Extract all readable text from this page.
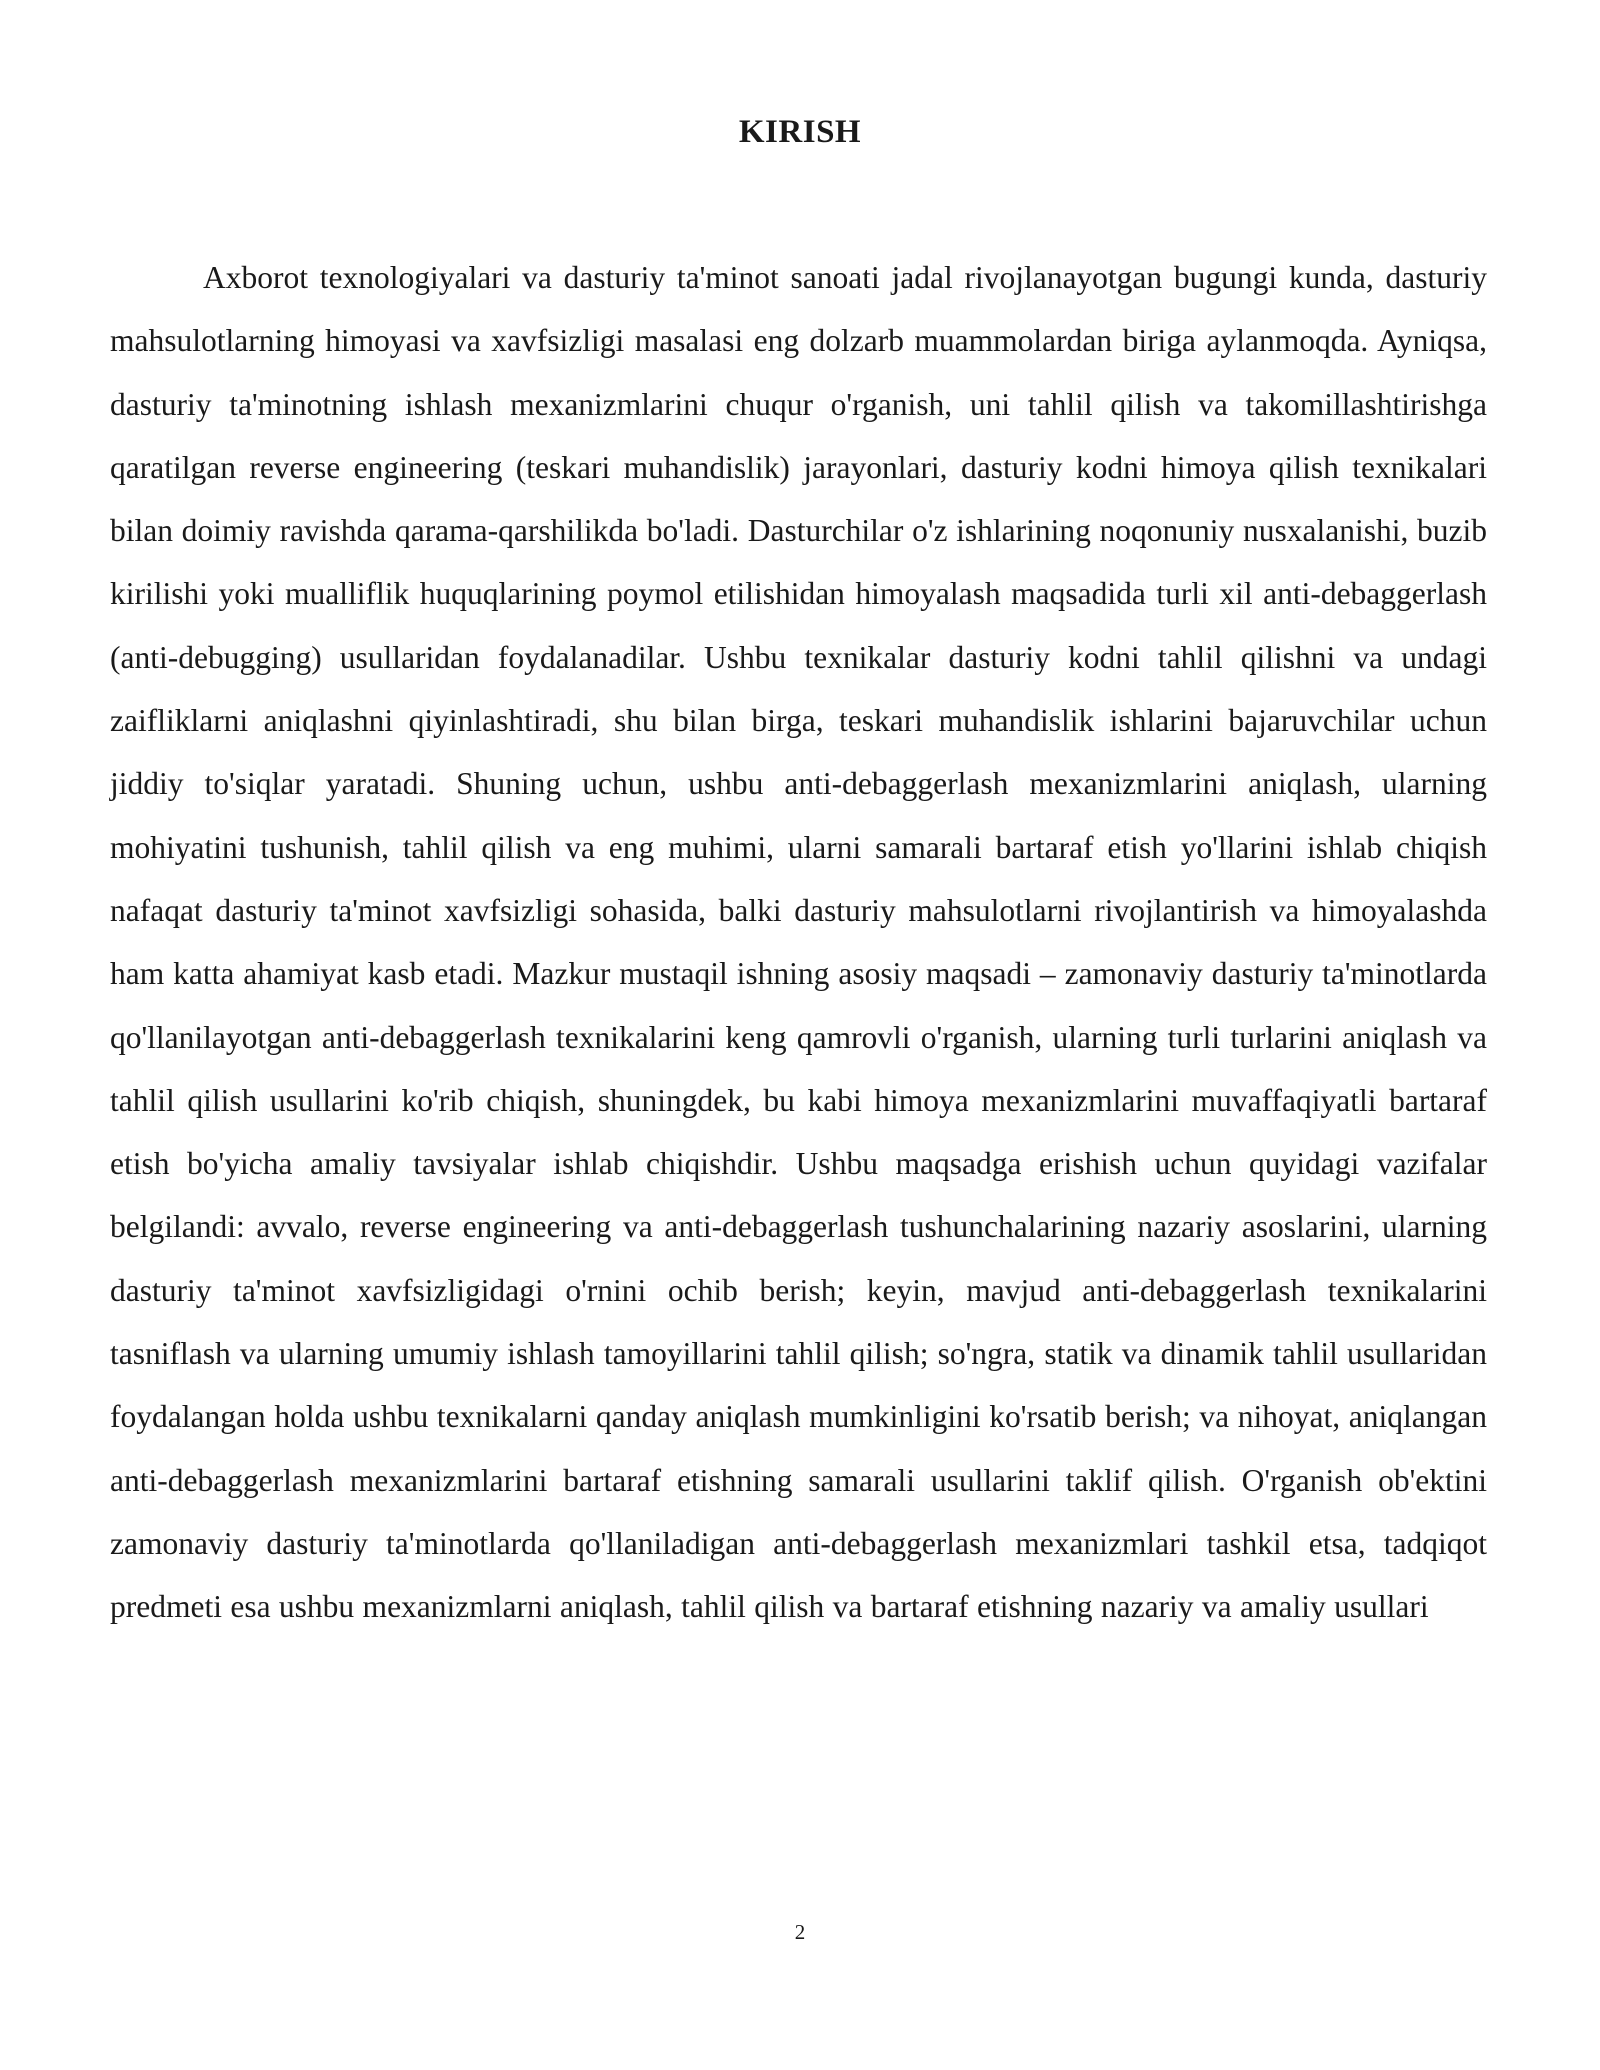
KIRISH

Axborot texnologiyalari va dasturiy ta'minot sanoati jadal rivojlanayotgan bugungi kunda, dasturiy mahsulotlarning himoyasi va xavfsizligi masalasi eng dolzarb muammolardan biriga aylanmoqda. Ayniqsa, dasturiy ta'minotning ishlash mexanizmlarini chuqur o'rganish, uni tahlil qilish va takomillashtirishga qaratilgan reverse engineering (teskari muhandislik) jarayonlari, dasturiy kodni himoya qilish texnikalari bilan doimiy ravishda qarama-qarshilikda bo'ladi. Dasturchilar o'z ishlarining noqonuniy nusxalanishi, buzib kirilishi yoki mualliflik huquqlarining poymol etilishidan himoyalash maqsadida turli xil anti-debaggerlash (anti-debugging) usullaridan foydalanadilar. Ushbu texnikalar dasturiy kodni tahlil qilishni va undagi zaifliklarni aniqlashni qiyinlashtiradi, shu bilan birga, teskari muhandislik ishlarini bajaruvchilar uchun jiddiy to'siqlar yaratadi. Shuning uchun, ushbu anti-debaggerlash mexanizmlarini aniqlash, ularning mohiyatini tushunish, tahlil qilish va eng muhimi, ularni samarali bartaraf etish yo'llarini ishlab chiqish nafaqat dasturiy ta'minot xavfsizligi sohasida, balki dasturiy mahsulotlarni rivojlantirish va himoyalashda ham katta ahamiyat kasb etadi. Mazkur mustaqil ishning asosiy maqsadi – zamonaviy dasturiy ta'minotlarda qo'llanilayotgan anti-debaggerlash texnikalarini keng qamrovli o'rganish, ularning turli turlarini aniqlash va tahlil qilish usullarini ko'rib chiqish, shuningdek, bu kabi himoya mexanizmlarini muvaffaqiyatli bartaraf etish bo'yicha amaliy tavsiyalar ishlab chiqishdir. Ushbu maqsadga erishish uchun quyidagi vazifalar belgilandi: avvalo, reverse engineering va anti-debaggerlash tushunchalarining nazariy asoslarini, ularning dasturiy ta'minot xavfsizligidagi o'rnini ochib berish; keyin, mavjud anti-debaggerlash texnikalarini tasniflash va ularning umumiy ishlash tamoyillarini tahlil qilish; so'ngra, statik va dinamik tahlil usullaridan foydalangan holda ushbu texnikalarni qanday aniqlash mumkinligini ko'rsatib berish; va nihoyat, aniqlangan anti-debaggerlash mexanizmlarini bartaraf etishning samarali usullarini taklif qilish. O'rganish ob'ektini zamonaviy dasturiy ta'minotlarda qo'llaniladigan anti-debaggerlash mexanizmlari tashkil etsa, tadqiqot predmeti esa ushbu mexanizmlarni aniqlash, tahlil qilish va bartaraf etishning nazariy va amaliy usullari

2
